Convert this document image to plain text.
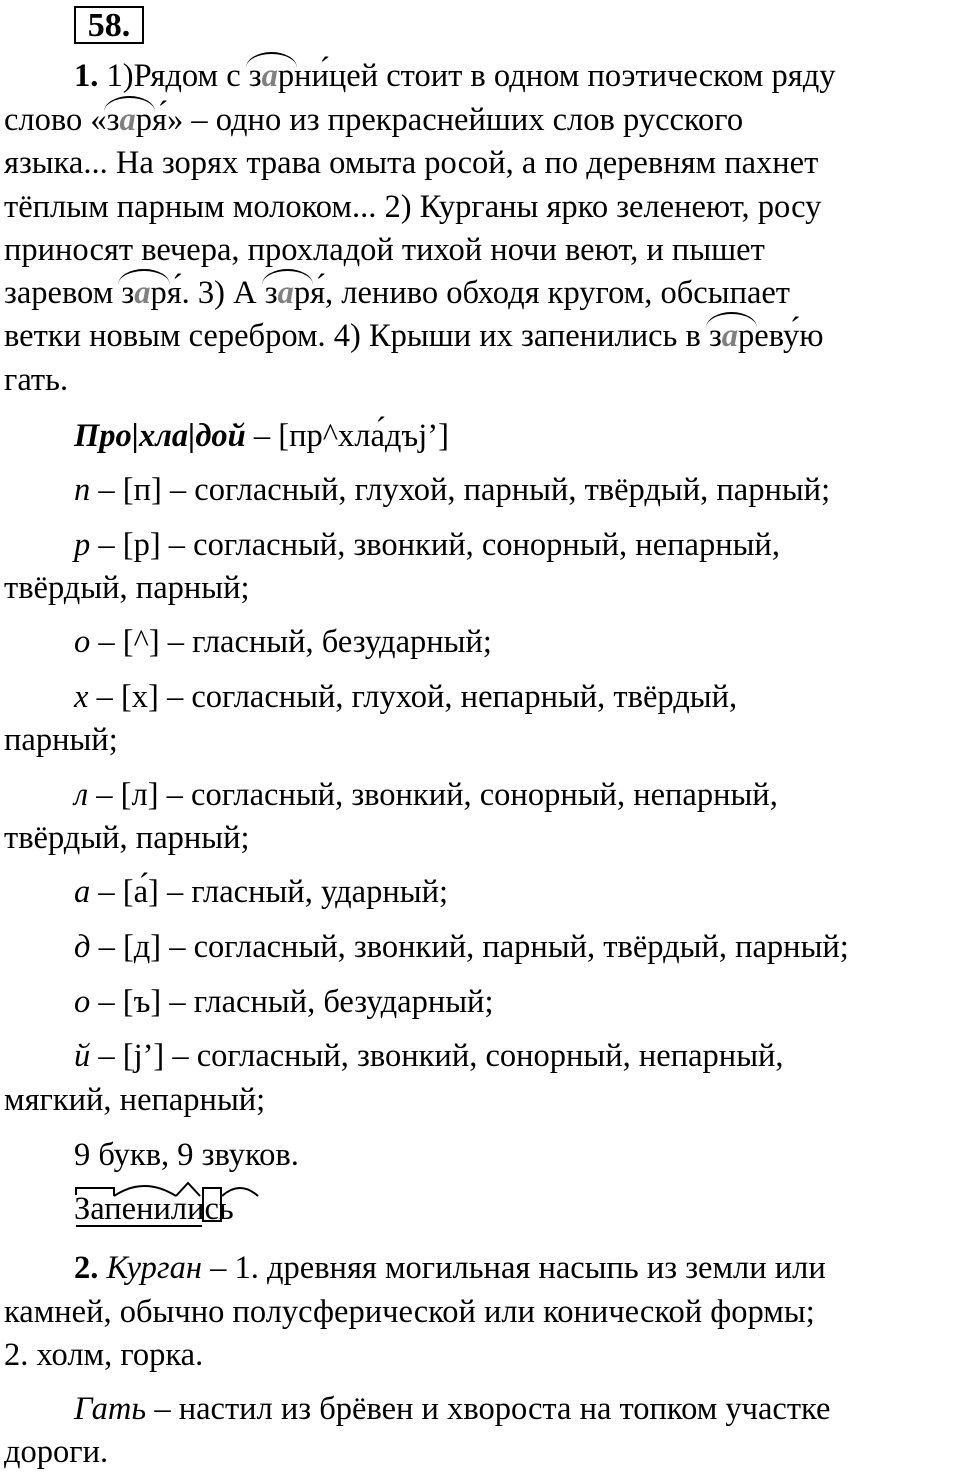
58.
1. 1)Рядом с зарни́цей стоит в одном поэтическом ряду
слово «заря́» – одно из прекраснейших слов русского
языка... На зорях трава омыта росой, а по деревням пахнет
тёплым парным молоком... 2) Курганы ярко зеленеют, росу
приносят вечера, прохладой тихой ночи веют, и пышет
заревом заря́. 3) А заря́, лениво обходя кругом, обсыпает
ветки новым серебром. 4) Крыши их запенились в зареву́ю
гать.
Про|хла|дой – [пр^хла́дъj’]
п – [п] – согласный, глухой, парный, твёрдый, парный;
р – [р] – согласный, звонкий, сонорный, непарный,
твёрдый, парный;
о – [^] – гласный, безударный;
х – [х] – согласный, глухой, непарный, твёрдый,
парный;
л – [л] – согласный, звонкий, сонорный, непарный,
твёрдый, парный;
а – [а́] – гласный, ударный;
д – [д] – согласный, звонкий, парный, твёрдый, парный;
о – [ъ] – гласный, безударный;
й – [j’] – согласный, звонкий, сонорный, непарный,
мягкий, непарный;
9 букв, 9 звуков.
Запенились
2. Курган – 1. древняя могильная насыпь из земли или
камней, обычно полусферической или конической формы;
2. холм, горка.
Гать – настил из брёвен и хвороста на топком участке
дороги.
